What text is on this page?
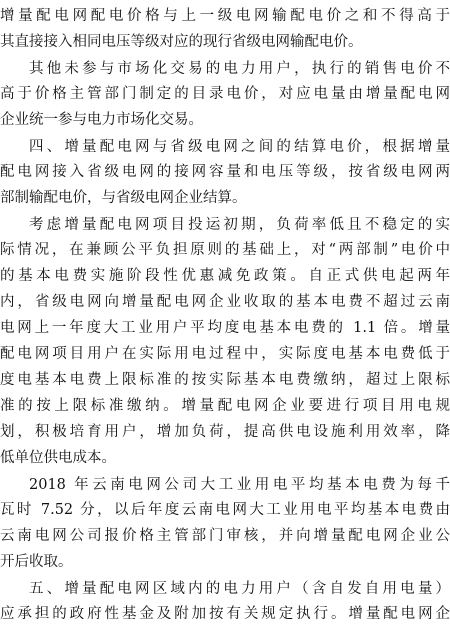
增量配电网配电价格与上一级电网输配电价之和不得高于
其直接接入相同电压等级对应的现行省级电网输配电价。
其他未参与市场化交易的电力用户，执行的销售电价不
高于价格主管部门制定的目录电价，对应电量由增量配电网
企业统一参与电力市场化交易。
四、增量配电网与省级电网之间的结算电价，根据增量
配电网接入省级电网的接网容量和电压等级，按省级电网两
部制输配电价，与省级电网企业结算。
考虑增量配电网项目投运初期，负荷率低且不稳定的实
际情况，在兼顾公平负担原则的基础上，对“两部制”电价中
的基本电费实施阶段性优惠减免政策。自正式供电起两年
内，省级电网向增量配电网企业收取的基本电费不超过云南
电网上一年度大工业用户平均度电基本电费的 1.1 倍。增量
配电网项目用户在实际用电过程中，实际度电基本电费低于
度电基本电费上限标准的按实际基本电费缴纳，超过上限标
准的按上限标准缴纳。增量配电网企业要进行项目用电规
划，积极培育用户，增加负荷，提高供电设施利用效率，降
低单位供电成本。
2018 年云南电网公司大工业用电平均基本电费为每千
瓦时 7.52 分，以后年度云南电网大工业用电平均基本电费由
云南电网公司报价格主管部门审核，并向增量配电网企业公
开后收取。
五、增量配电网区域内的电力用户（含自发自用电量）
应承担的政府性基金及附加按有关规定执行。增量配电网企
